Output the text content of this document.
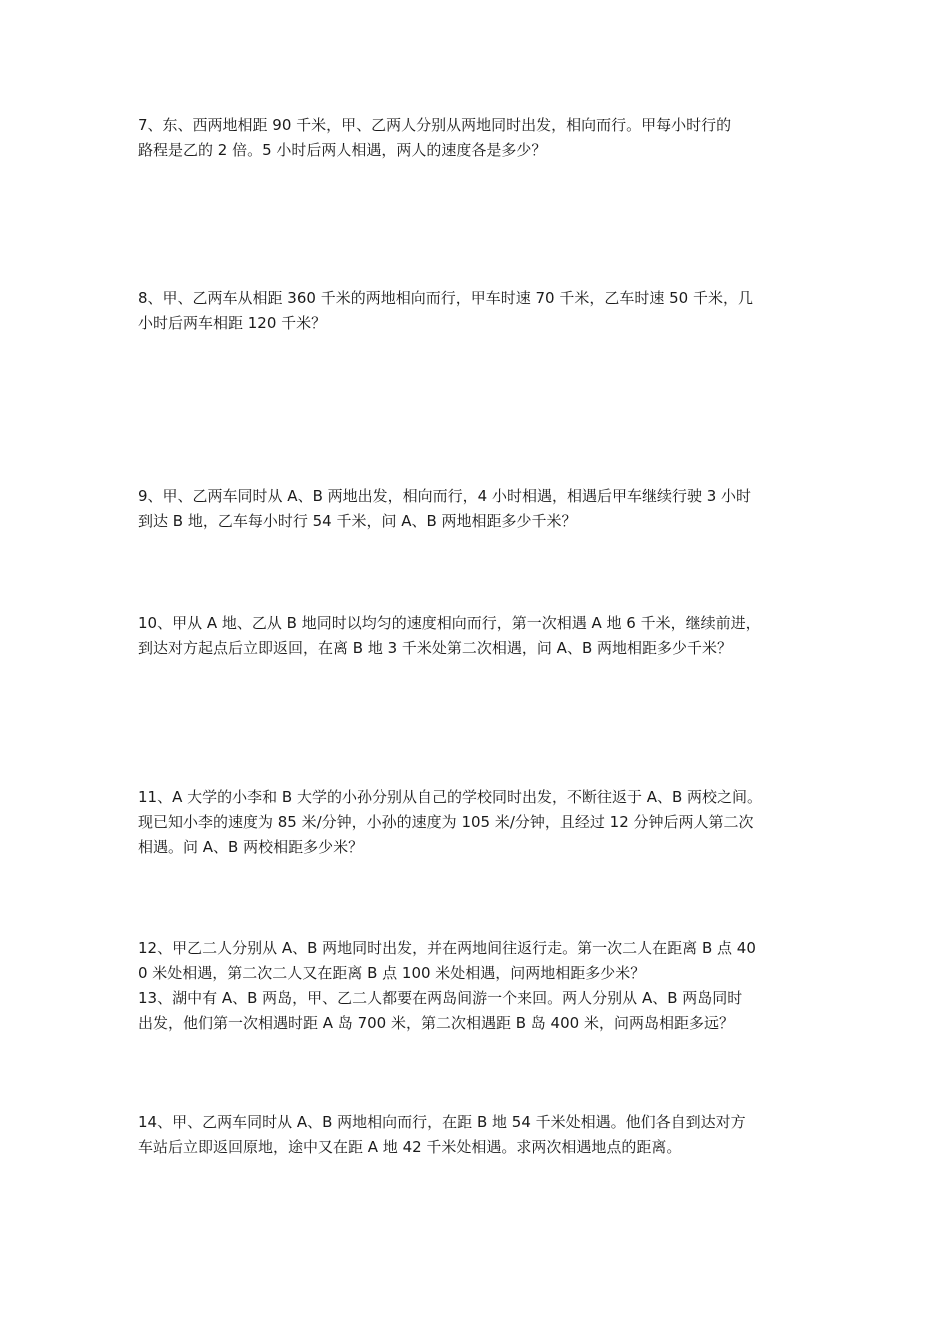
7、东、西两地相距 90 千米，甲、乙两人分别从两地同时出发，相向而行。甲每小时行的
路程是乙的 2 倍。5 小时后两人相遇，两人的速度各是多少？
8、甲、乙两车从相距 360 千米的两地相向而行，甲车时速 70 千米，乙车时速 50 千米，几
小时后两车相距 120 千米？
9、甲、乙两车同时从 A、B 两地出发，相向而行，4 小时相遇，相遇后甲车继续行驶 3 小时
到达 B 地，乙车每小时行 54 千米，问 A、B 两地相距多少千米？
10、甲从 A 地、乙从 B 地同时以均匀的速度相向而行，第一次相遇 A 地 6 千米，继续前进，
到达对方起点后立即返回，在离 B 地 3 千米处第二次相遇，问 A、B 两地相距多少千米？
11、A 大学的小李和 B 大学的小孙分别从自己的学校同时出发，不断往返于 A、B 两校之间。
现已知小李的速度为 85 米/分钟，小孙的速度为 105 米/分钟，且经过 12 分钟后两人第二次
相遇。问 A、B 两校相距多少米？
12、甲乙二人分别从 A、B 两地同时出发，并在两地间往返行走。第一次二人在距离 B 点 40
0 米处相遇，第二次二人又在距离 B 点 100 米处相遇，问两地相距多少米？
13、湖中有 A、B 两岛，甲、乙二人都要在两岛间游一个来回。两人分别从 A、B 两岛同时
出发，他们第一次相遇时距 A 岛 700 米，第二次相遇距 B 岛 400 米，问两岛相距多远？
14、甲、乙两车同时从 A、B 两地相向而行，在距 B 地 54 千米处相遇。他们各自到达对方
车站后立即返回原地，途中又在距 A 地 42 千米处相遇。求两次相遇地点的距离。
